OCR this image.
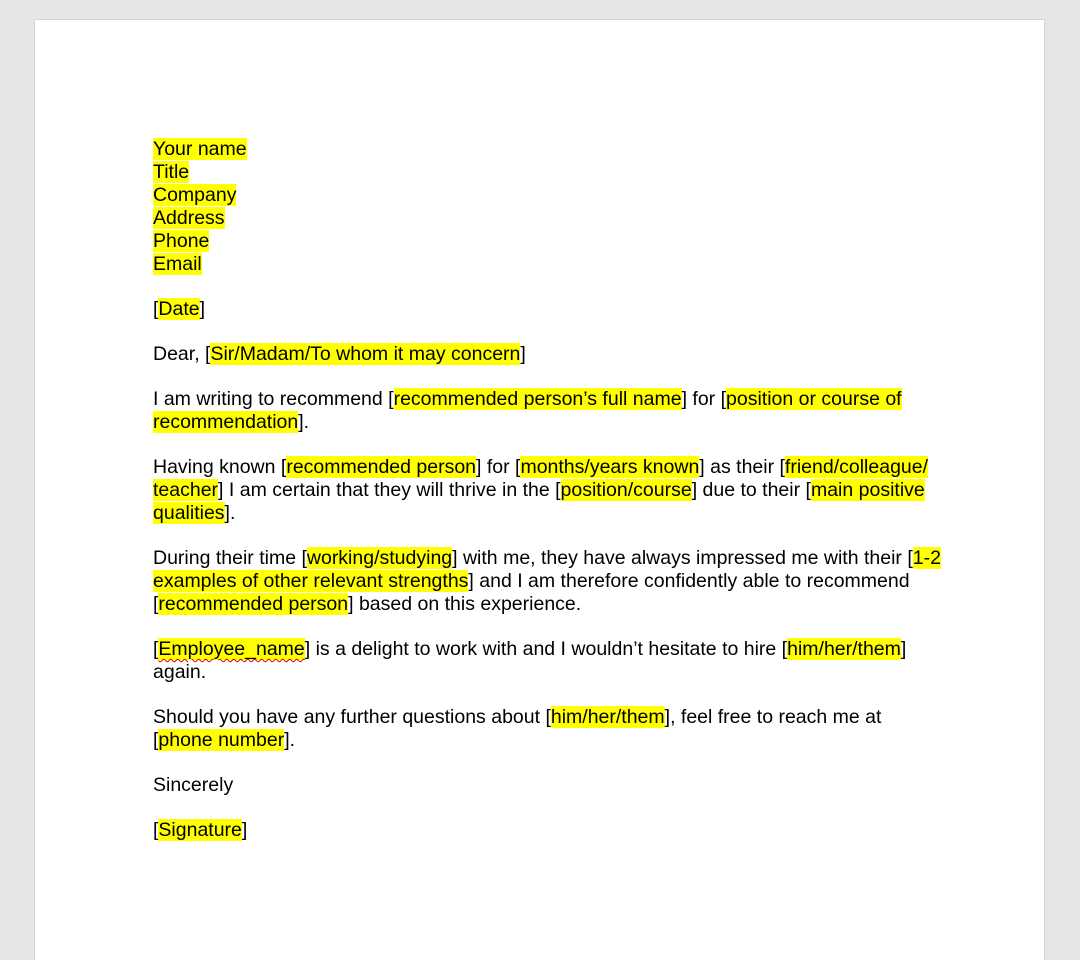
Your name
Title
Company
Address
Phone
Email
[Date]
Dear, [Sir/Madam/To whom it may concern]
I am writing to recommend [recommended person’s full name] for [position or course of recommendation].
Having known [recommended person] for [months/years known] as their [friend/colleague/ teacher] I am certain that they will thrive in the [position/course] due to their [main positive qualities].
During their time [working/studying] with me, they have always impressed me with their [1-2 examples of other relevant strengths] and I am therefore confidently able to recommend [recommended person] based on this experience.
[Employee_name] is a delight to work with and I wouldn’t hesitate to hire [him/her/them] again.
Should you have any further questions about [him/her/them], feel free to reach me at [phone number].
Sincerely
[Signature]
